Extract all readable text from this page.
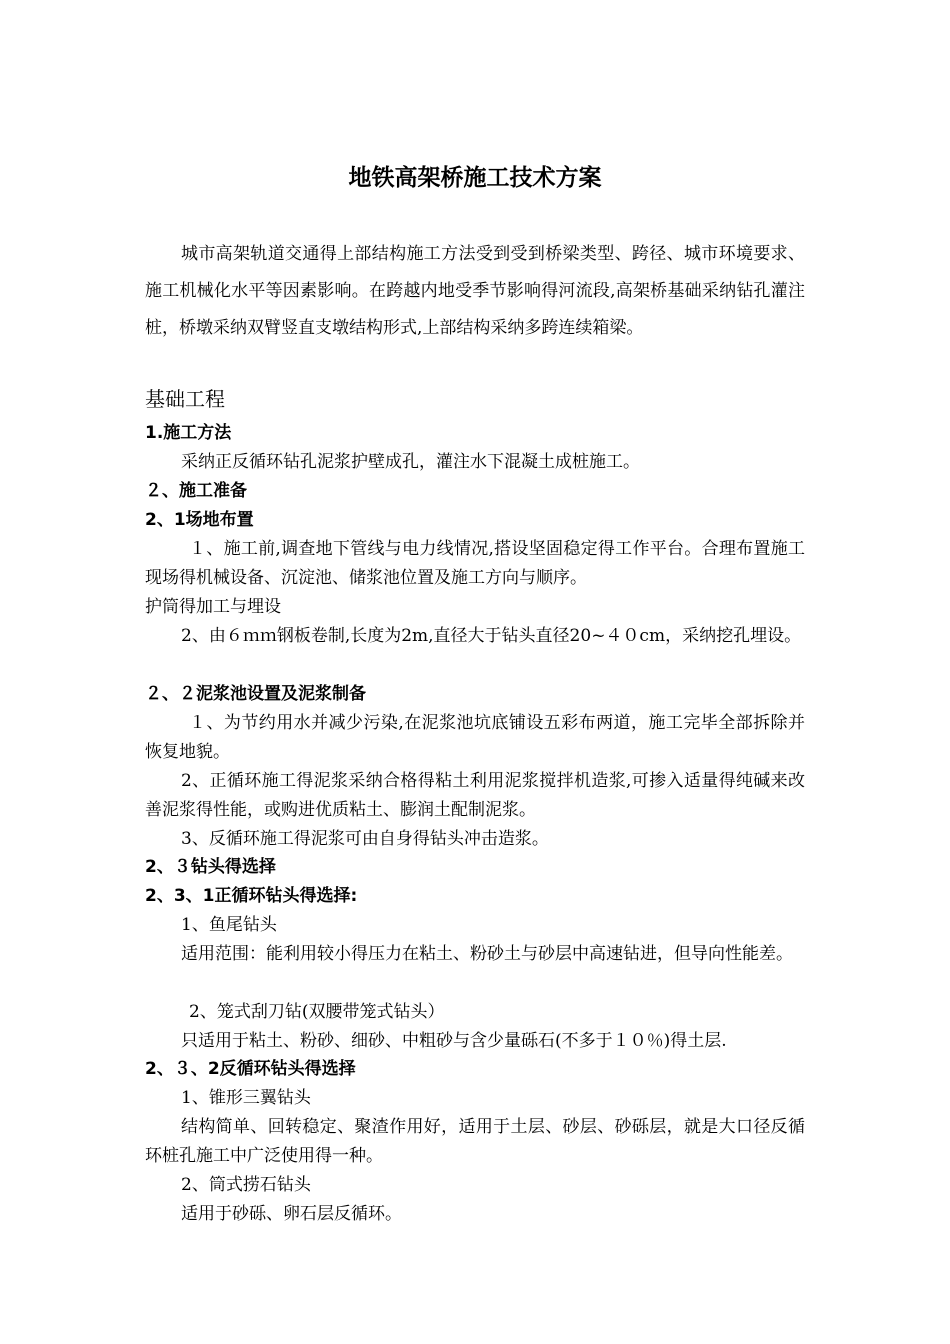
地铁高架桥施工技术方案
城市高架轨道交通得上部结构施工方法受到受到桥梁类型、跨径、城市环境要求、施工机械化水平等因素影响。在跨越内地受季节影响得河流段,高架桥基础采纳钻孔灌注桩，桥墩采纳双臂竖直支墩结构形式,上部结构采纳多跨连续箱梁。
基础工程
1.施工方法
采纳正反循环钻孔泥浆护壁成孔，灌注水下混凝土成桩施工。
２、施工准备
2、1场地布置
１、施工前,调查地下管线与电力线情况,搭设坚固稳定得工作平台。合理布置施工现场得机械设备、沉淀池、储浆池位置及施工方向与顺序。
护筒得加工与埋设
2、由６ｍｍ钢板卷制,长度为2m,直径大于钻头直径20~４０cm，采纳挖孔埋设。
２、２泥浆池设置及泥浆制备
１、为节约用水并减少污染,在泥浆池坑底铺设五彩布两道，施工完毕全部拆除并恢复地貌。
2、正循环施工得泥浆采纳合格得粘土利用泥浆搅拌机造浆,可掺入适量得纯碱来改善泥浆得性能，或购进优质粘土、膨润土配制泥浆。
3、反循环施工得泥浆可由自身得钻头冲击造浆。
2、３钻头得选择
2、3、1正循环钻头得选择:
1、鱼尾钻头
适用范围：能利用较小得压力在粘土、粉砂土与砂层中高速钻进，但导向性能差。
2、笼式刮刀钻(双腰带笼式钻头）
只适用于粘土、粉砂、细砂、中粗砂与含少量砾石(不多于１０％)得土层.
2、３、2反循环钻头得选择
1、锥形三翼钻头
结构简单、回转稳定、聚渣作用好，适用于土层、砂层、砂砾层，就是大口径反循环桩孔施工中广泛使用得一种。
2、筒式捞石钻头
适用于砂砾、卵石层反循环。
